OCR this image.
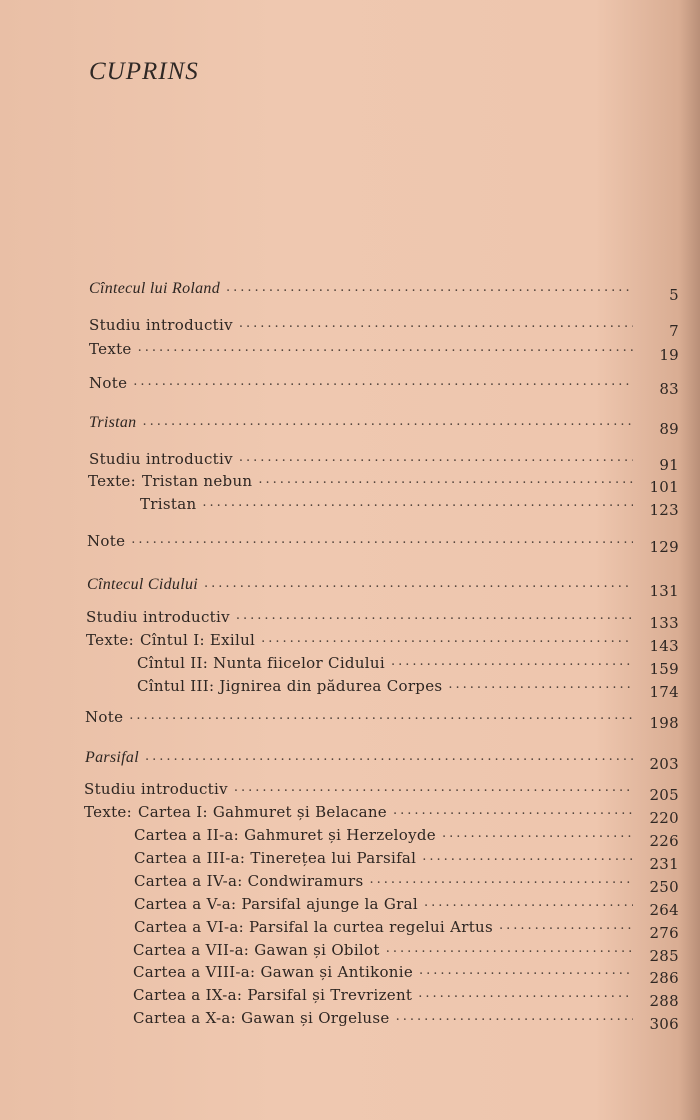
CUPRINS
Cîntecul lui Roland .....	5
Studiu introductiv .....	7
Texte .....	19
Note .....	83
Tristan .....	89
Studiu introductiv .....	91
Texte: Tristan nebun .....	101
Tristan .....	123
Note .....	129
Cîntecul Cidului .....	131
Studiu introductiv .....	133
Texte: Cîntul I: Exilul .....	143
Cîntul II: Nunta fiicelor Cidului .....	159
Cîntul III: Jignirea din pădurea Corpes .....	174
Note .....	198
Parsifal .....	203
Studiu introductiv .....	205
Texte: Cartea I: Gahmuret și Belacane .....	220
Cartea a II-a: Gahmuret și Herzeloyde .....	226
Cartea a III-a: Tinerețea lui Parsifal .....	231
Cartea a IV-a: Condwiramurs .....	250
Cartea a V-a: Parsifal ajunge la Gral .....	264
Cartea a VI-a: Parsifal la curtea regelui Artus .....	276
Cartea a VII-a: Gawan și Obilot .....	285
Cartea a VIII-a: Gawan și Antikonie .....	286
Cartea a IX-a: Parsifal și Trevrizent .....	288
Cartea a X-a: Gawan și Orgeluse .....	306
